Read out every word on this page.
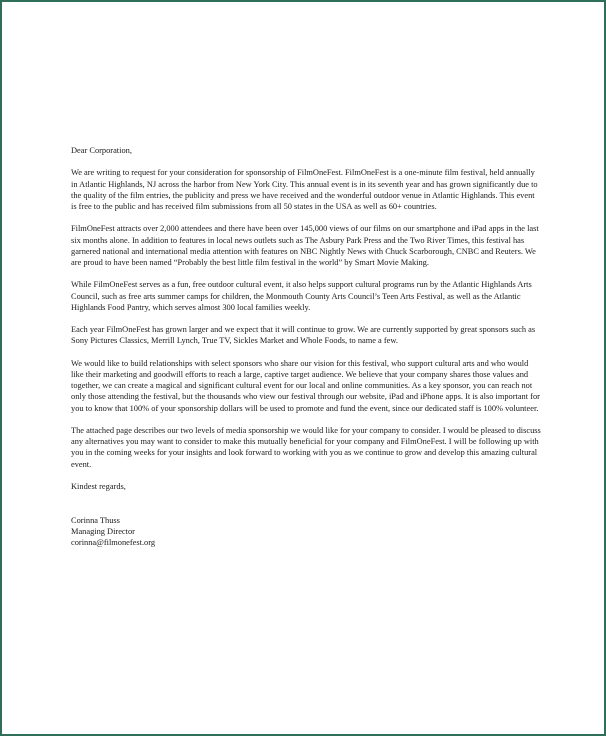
Dear Corporation,

We are writing to request for your consideration for sponsorship of FilmOneFest. FilmOneFest is a one-minute film festival, held annually in Atlantic Highlands, NJ across the harbor from New York City. This annual event is in its seventh year and has grown significantly due to the quality of the film entries, the publicity and press we have received and the wonderful outdoor venue in Atlantic Highlands. This event is free to the public and has received film submissions from all 50 states in the USA as well as 60+ countries.

FilmOneFest attracts over 2,000 attendees and there have been over 145,000 views of our films on our smartphone and iPad apps in the last six months alone. In addition to features in local news outlets such as The Asbury Park Press and the Two River Times, this festival has garnered national and international media attention with features on NBC Nightly News with Chuck Scarborough, CNBC and Reuters. We are proud to have been named “Probably the best little film festival in the world” by Smart Movie Making.

While FilmOneFest serves as a fun, free outdoor cultural event, it also helps support cultural programs run by the Atlantic Highlands Arts Council, such as free arts summer camps for children, the Monmouth County Arts Council’s Teen Arts Festival, as well as the Atlantic Highlands Food Pantry, which serves almost 300 local families weekly.

Each year FilmOneFest has grown larger and we expect that it will continue to grow. We are currently supported by great sponsors such as Sony Pictures Classics, Merrill Lynch, True TV, Sickles Market and Whole Foods, to name a few.

We would like to build relationships with select sponsors who share our vision for this festival, who support cultural arts and who would like their marketing and goodwill efforts to reach a large, captive target audience. We believe that your company shares those values and together, we can create a magical and significant cultural event for our local and online communities. As a key sponsor, you can reach not only those attending the festival, but the thousands who view our festival through our website, iPad and iPhone apps. It is also important for you to know that 100% of your sponsorship dollars will be used to promote and fund the event, since our dedicated staff is 100% volunteer.

The attached page describes our two levels of media sponsorship we would like for your company to consider. I would be pleased to discuss any alternatives you may want to consider to make this mutually beneficial for your company and FilmOneFest. I will be following up with you in the coming weeks for your insights and look forward to working with you as we continue to grow and develop this amazing cultural event.

Kindest regards,

Corinna Thuss
Managing Director
corinna@filmonefest.org
